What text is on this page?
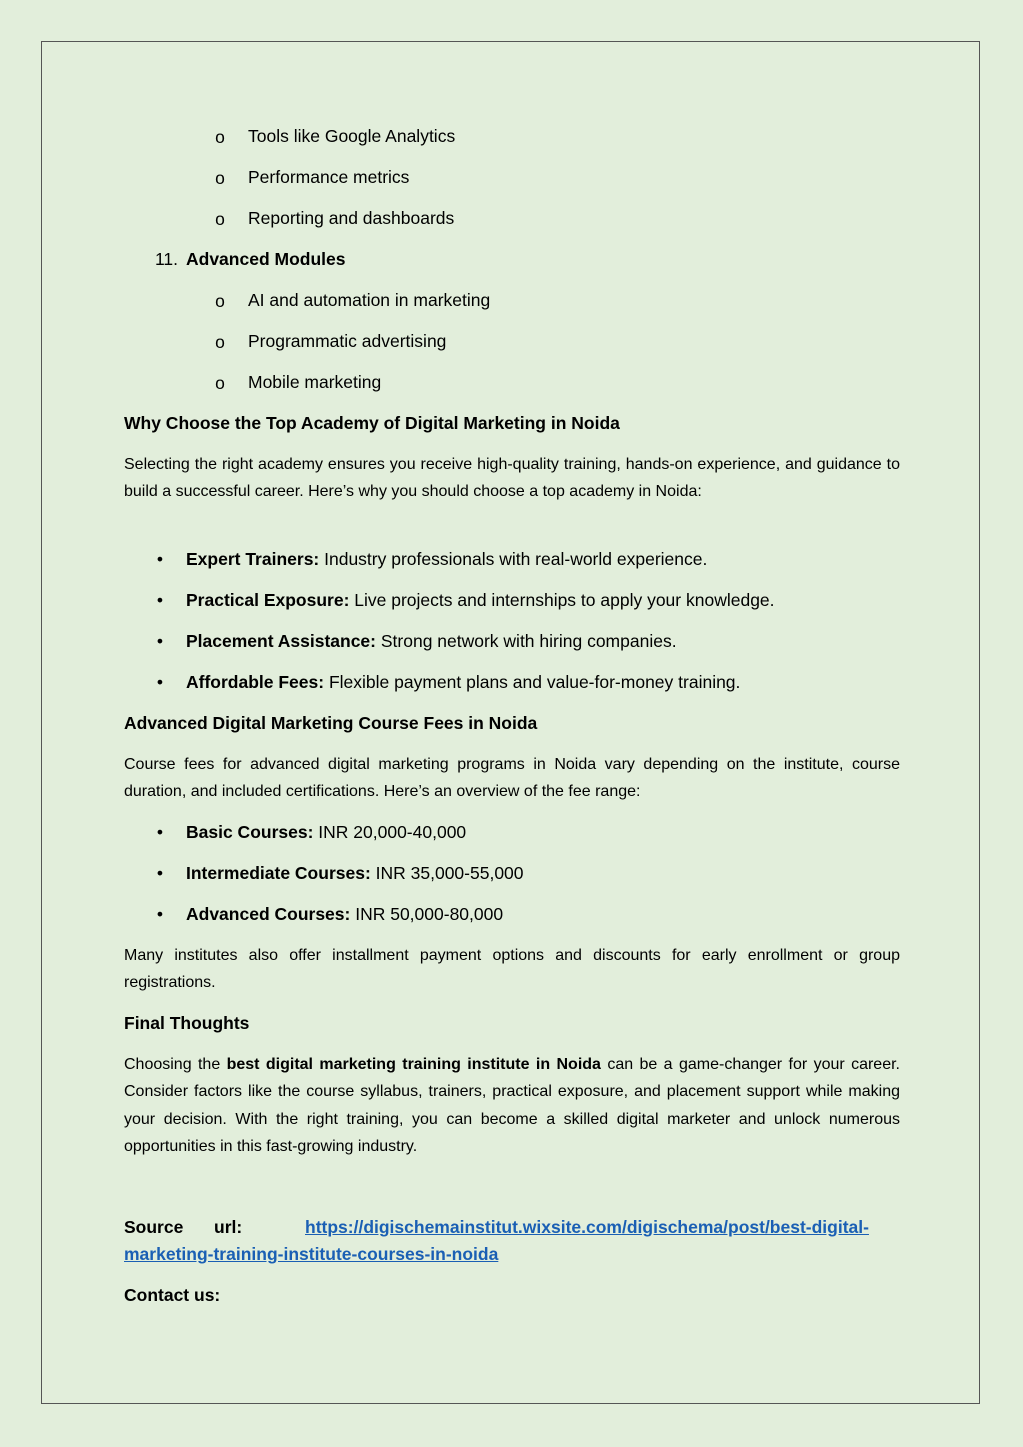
o Tools like Google Analytics
o Performance metrics
o Reporting and dashboards
11. Advanced Modules
o AI and automation in marketing
o Programmatic advertising
o Mobile marketing
Why Choose the Top Academy of Digital Marketing in Noida
Selecting the right academy ensures you receive high-quality training, hands-on experience, and guidance to build a successful career. Here’s why you should choose a top academy in Noida:
•	Expert Trainers: Industry professionals with real-world experience.
•	Practical Exposure: Live projects and internships to apply your knowledge.
•	Placement Assistance: Strong network with hiring companies.
•	Affordable Fees: Flexible payment plans and value-for-money training.
Advanced Digital Marketing Course Fees in Noida
Course fees for advanced digital marketing programs in Noida vary depending on the institute, course duration, and included certifications. Here’s an overview of the fee range:
•	Basic Courses: INR 20,000-40,000
•	Intermediate Courses: INR 35,000-55,000
•	Advanced Courses: INR 50,000-80,000
Many institutes also offer installment payment options and discounts for early enrollment or group registrations.
Final Thoughts
Choosing the best digital marketing training institute in Noida can be a game-changer for your career. Consider factors like the course syllabus, trainers, practical exposure, and placement support while making your decision. With the right training, you can become a skilled digital marketer and unlock numerous opportunities in this fast-growing industry.
Source url:	https://digischemainstitut.wixsite.com/digischema/post/best-digital-
marketing-training-institute-courses-in-noida
Contact us:
